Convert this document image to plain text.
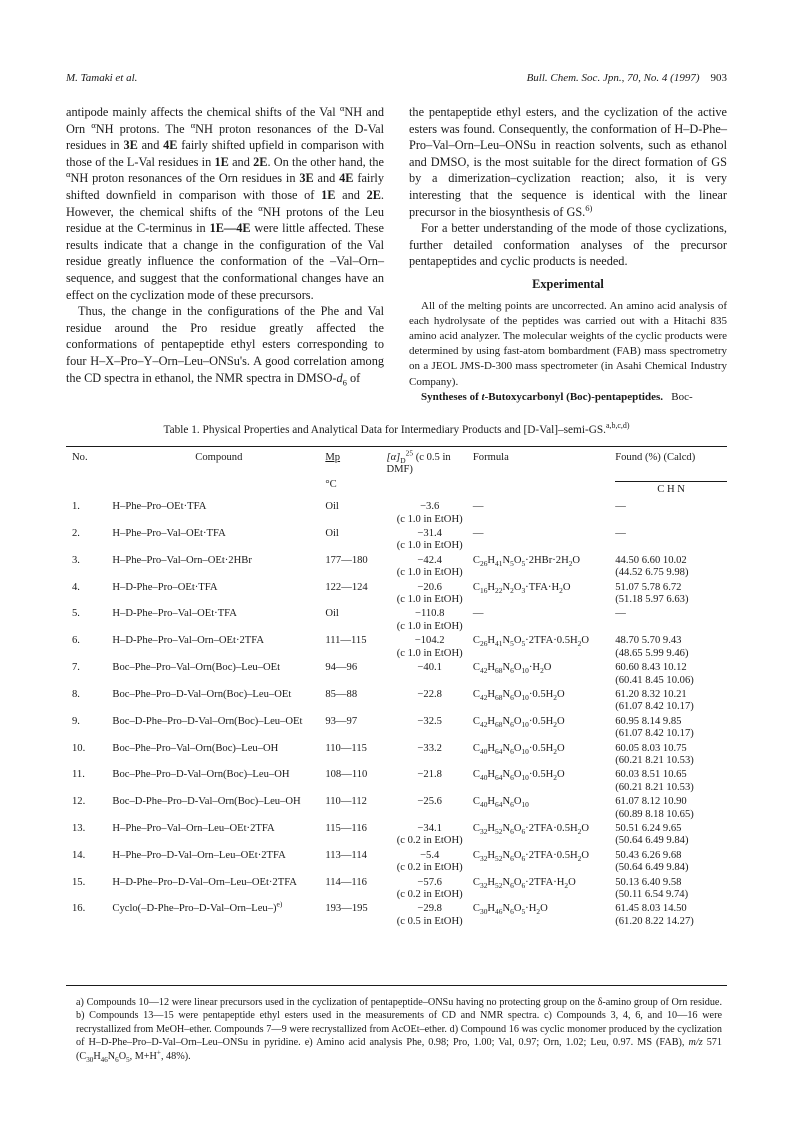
M. Tamaki et al.	Bull. Chem. Soc. Jpn., 70, No. 4 (1997) 903

antipode mainly affects the chemical shifts of the Val $^\alpha$NH and Orn $^\alpha$NH protons. The $^\alpha$NH proton resonances of the D-Val residues in 3E and 4E fairly shifted upfield in comparison with those of the L-Val residues in 1E and 2E. On the other hand, the $^\alpha$NH proton resonances of the Orn residues in 3E and 4E fairly shifted downfield in comparison with those of 1E and 2E. However, the chemical shifts of the $^\alpha$NH protons of the Leu residue at the C-terminus in 1E—4E were little affected. These results indicate that a change in the configuration of the Val residue greatly influence the conformation of the –Val–Orn– sequence, and suggest that the conformational changes have an effect on the cyclization mode of these precursors.

Thus, the change in the configurations of the Phe and Val residue around the Pro residue greatly affected the conformations of pentapeptide ethyl esters corresponding to four H–X–Pro–Y–Orn–Leu–ONSu's. A good correlation among the CD spectra in ethanol, the NMR spectra in DMSO-$d_6$ of

the pentapeptide ethyl esters, and the cyclization of the active esters was found. Consequently, the conformation of H–D-Phe–Pro–Val–Orn–Leu–ONSu in reaction solvents, such as ethanol and DMSO, is the most suitable for the direct formation of GS by a dimerization–cyclization reaction; also, it is very interesting that the sequence is identical with the linear precursor in the biosynthesis of GS.$^{6)}$

For a better understanding of the mode of those cyclizations, further detailed conformation analyses of the precursor pentapeptides and cyclic products is needed.

Experimental

All of the melting points are uncorrected. An amino acid analysis of each hydrolysate of the peptides was carried out with a Hitachi 835 amino acid analyzer. The molecular weights of the cyclic products were determined by using fast-atom bombardment (FAB) mass spectrometry on a JEOL JMS-D-300 mass spectrometer (in Asahi Chemical Industry Company).

Syntheses of t-Butoxycarbonyl (Boc)-pentapeptides. Boc-

Table 1. Physical Properties and Analytical Data for Intermediary Products and [D-Val]–semi-GS.$^{a,b,c,d)}$
No.	Compound	Mp	$[\alpha]_D^{25}$ (c 0.5 in DMF)	Formula	Found (%) (Calcd)
		°C			C H N

1.	H–Phe–Pro–OEt·TFA	Oil	−3.6
(c 1.0 in EtOH)	—	—

2.	H–Phe–Pro–Val–OEt·TFA	Oil	−31.4
(c 1.0 in EtOH)	—	—

3.	H–Phe–Pro–Val–Orn–OEt·2HBr	177—180	−42.4
(c 1.0 in EtOH)	$C_{26}H_{41}N_5O_5\cdot 2HBr\cdot 2H_2O$	44.50 6.60 10.02
(44.52 6.75 9.98)

4.	H–D-Phe–Pro–OEt·TFA	122—124	−20.6
(c 1.0 in EtOH)	$C_{16}H_{22}N_2O_3\cdot TFA\cdot H_2O$	51.07 5.78 6.72
(51.18 5.97 6.63)

5.	H–D-Phe–Pro–Val–OEt·TFA	Oil	−110.8
(c 1.0 in EtOH)	—	—

6.	H–D-Phe–Pro–Val–Orn–OEt·2TFA	111—115	−104.2
(c 1.0 in EtOH)	$C_{26}H_{41}N_5O_5\cdot 2TFA\cdot 0.5H_2O$	48.70 5.70 9.43
(48.65 5.99 9.46)

7.	Boc–Phe–Pro–Val–Orn(Boc)–Leu–OEt	94—96	−40.1	$C_{42}H_{68}N_6O_{10}\cdot H_2O$	60.60 8.43 10.12
(60.41 8.45 10.06)

8.	Boc–Phe–Pro–D-Val–Orn(Boc)–Leu–OEt	85—88	−22.8	$C_{42}H_{68}N_6O_{10}\cdot 0.5H_2O$	61.20 8.32 10.21
(61.07 8.42 10.17)

9.	Boc–D-Phe–Pro–D-Val–Orn(Boc)–Leu–OEt	93—97	−32.5	$C_{42}H_{68}N_6O_{10}\cdot 0.5H_2O$	60.95 8.14 9.85
(61.07 8.42 10.17)

10.	Boc–Phe–Pro–Val–Orn(Boc)–Leu–OH	110—115	−33.2	$C_{40}H_{64}N_6O_{10}\cdot 0.5H_2O$	60.05 8.03 10.75
(60.21 8.21 10.53)

11.	Boc–Phe–Pro–D-Val–Orn(Boc)–Leu–OH	108—110	−21.8	$C_{40}H_{64}N_6O_{10}\cdot 0.5H_2O$	60.03 8.51 10.65
(60.21 8.21 10.53)

12.	Boc–D-Phe–Pro–D-Val–Orn(Boc)–Leu–OH	110—112	−25.6	$C_{40}H_{64}N_6O_{10}$	61.07 8.12 10.90
(60.89 8.18 10.65)

13.	H–Phe–Pro–Val–Orn–Leu–OEt·2TFA	115—116	−34.1
(c 0.2 in EtOH)	$C_{32}H_{52}N_6O_6\cdot 2TFA\cdot 0.5H_2O$	50.51 6.24 9.65
(50.64 6.49 9.84)

14.	H–Phe–Pro–D-Val–Orn–Leu–OEt·2TFA	113—114	−5.4
(c 0.2 in EtOH)	$C_{32}H_{52}N_6O_6\cdot 2TFA\cdot 0.5H_2O$	50.43 6.26 9.68
(50.64 6.49 9.84)

15.	H–D-Phe–Pro–D-Val–Orn–Leu–OEt·2TFA	114—116	−57.6
(c 0.2 in EtOH)	$C_{32}H_{52}N_6O_6\cdot 2TFA\cdot H_2O$	50.13 6.40 9.58
(50.11 6.54 9.74)

16.	$Cyclo(-D-Phe-Pro-D-Val-Orn-Leu-)^{e)}$	193—195	−29.8
(c 0.5 in EtOH)	$C_{30}H_{46}N_6O_5\cdot H_2O$	61.45 8.03 14.50
(61.20 8.22 14.27)
a) Compounds 10—12 were linear precursors used in the cyclization of pentapeptide–ONSu having no protecting group on the δ-amino group of Orn residue. b) Compounds 13—15 were pentapeptide ethyl esters used in the measurements of CD and NMR spectra. c) Compounds 3, 4, 6, and 10—16 were recrystallized from MeOH–ether. Compounds 7—9 were recrystallized from AcOEt–ether. d) Compound 16 was cyclic monomer produced by the cyclization of H–D-Phe–Pro–D-Val–Orn–Leu–ONSu in pyridine. e) Amino acid analysis Phe, 0.98; Pro, 1.00; Val, 0.97; Orn, 1.02; Leu, 0.97. MS (FAB), m/z 571 ($C_{30}H_{46}N_6O_5$, M+H+, 48%).
